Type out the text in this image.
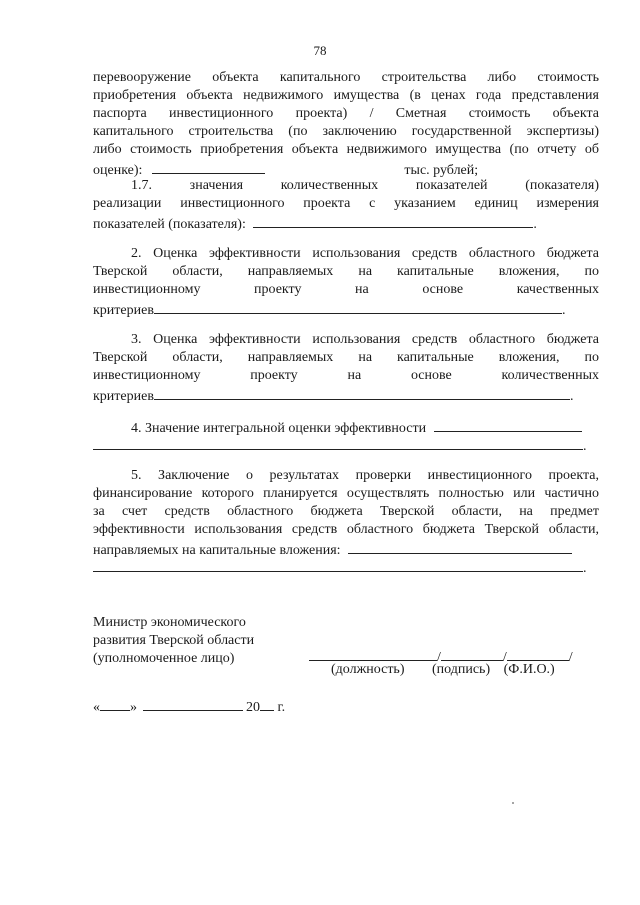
78
перевооружение объекта капитального строительства либо стоимость
приобретения объекта недвижимого имущества (в ценах года представления
паспорта инвестиционного проекта) / Сметная стоимость объекта
капитального строительства (по заключению государственной экспертизы)
либо стоимость приобретения объекта недвижимого имущества (по отчету об
оценке):	тыс. рублей;
1.7. значения количественных показателей (показателя)
реализации инвестиционного проекта с указанием единиц измерения
показателей (показателя):	.
2. Оценка эффективности использования средств областного бюджета
Тверской области, направляемых на капитальные вложения, по
инвестиционному проекту на основе качественных
критериев	.
3. Оценка эффективности использования средств областного бюджета
Тверской области, направляемых на капитальные вложения, по
инвестиционному проекту на основе количественных
критериев	.
4. Значение интегральной оценки эффективности
.
5. Заключение о результатах проверки инвестиционного проекта,
финансирование которого планируется осуществлять полностью или частично
за счет средств областного бюджета Тверской области, на предмет
эффективности использования средств областного бюджета Тверской области,
направляемых на капитальные вложения:
.
Министр экономического
развития Тверской области
(уполномоченное лицо)	/	/	/
(должность) (подпись) (Ф.И.О.)
« »	20 г.
